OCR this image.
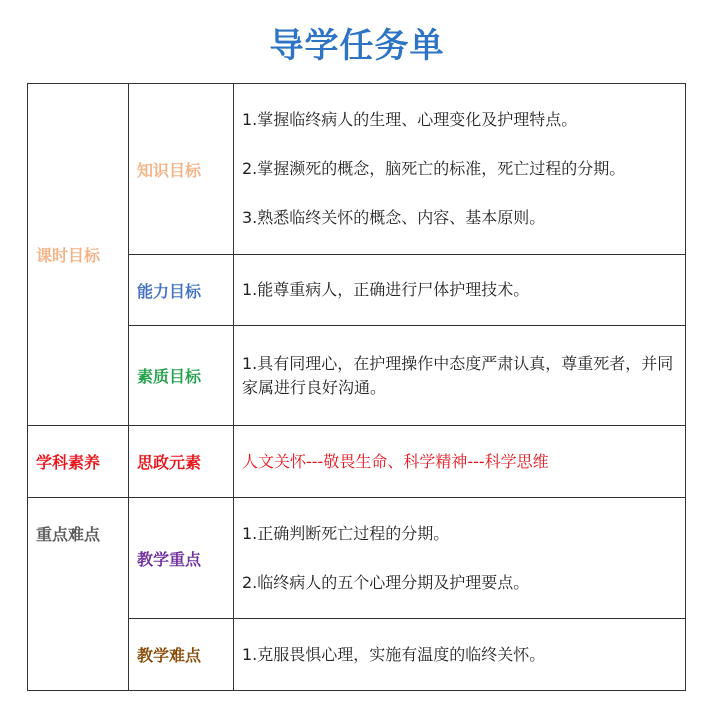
导学任务单
课时目标	知识目标	1.掌握临终病人的生理、心理变化及护理特点。

2.掌握濒死的概念，脑死亡的标准，死亡过程的分期。

3.熟悉临终关怀的概念、内容、基本原则。

	能力目标	1.能尊重病人，正确进行尸体护理技术。

	素质目标	1.具有同理心，在护理操作中态度严肃认真，尊重死者，并同家属进行良好沟通。

学科素养	思政元素	人文关怀---敬畏生命、科学精神---科学思维
重点难点	教学重点	1.正确判断死亡过程的分期。

2.临终病人的五个心理分期及护理要点。

	教学难点	1.克服畏惧心理，实施有温度的临终关怀。
